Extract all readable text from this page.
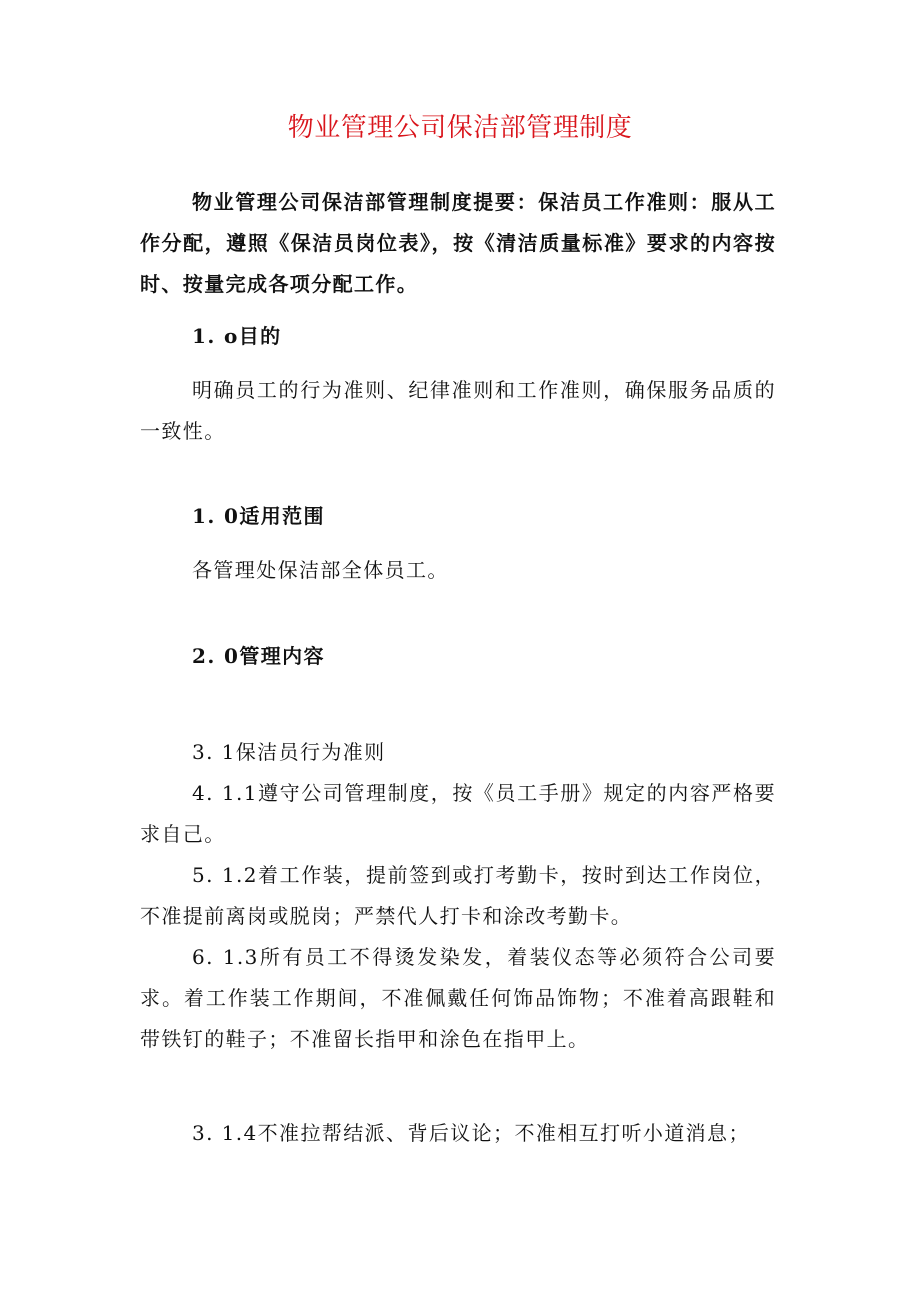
物业管理公司保洁部管理制度

物业管理公司保洁部管理制度提要：保洁员工作准则：服从工作分配，遵照《保洁员岗位表》，按《清洁质量标准》要求的内容按时、按量完成各项分配工作。

1. o目的

明确员工的行为准则、纪律准则和工作准则，确保服务品质的一致性。

1. 0适用范围

各管理处保洁部全体员工。

2. 0管理内容

3. 1保洁员行为准则

4. 1.1遵守公司管理制度，按《员工手册》规定的内容严格要求自己。

5. 1.2着工作装，提前签到或打考勤卡，按时到达工作岗位，不准提前离岗或脱岗；严禁代人打卡和涂改考勤卡。

6. 1.3所有员工不得烫发染发，着装仪态等必须符合公司要求。着工作装工作期间，不准佩戴任何饰品饰物；不准着高跟鞋和带铁钉的鞋子；不准留长指甲和涂色在指甲上。

3. 1.4不准拉帮结派、背后议论；不准相互打听小道消息；
